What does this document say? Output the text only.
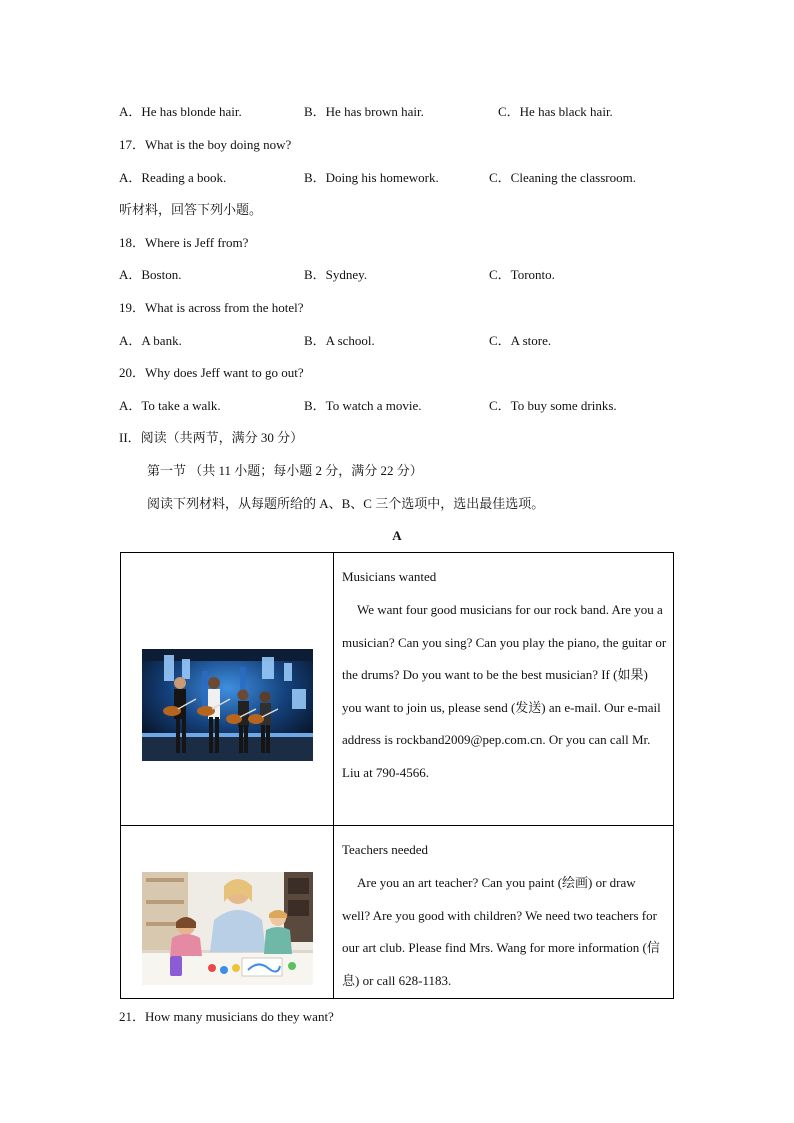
A．He has blonde hair.	B．He has brown hair.	C．He has black hair.
17．What is the boy doing now?
A．Reading a book.	B．Doing his homework.	C．Cleaning the classroom.
听材料，回答下列小题。
18．Where is Jeff from?
A．Boston.	B．Sydney.	C．Toronto.
19．What is across from the hotel?
A．A bank.	B．A school.	C．A store.
20．Why does Jeff want to go out?
A．To take a walk.	B．To watch a movie.	C．To buy some drinks.
II．阅读（共两节，满分 30 分）
第一节 （共 11 小题；每小题 2 分，满分 22 分）
阅读下列材料，从每题所给的 A、B、C 三个选项中，选出最佳选项。
A

Musicians wanted
We want four good musicians for our rock band. Are you a musician? Can you sing? Can you play the piano, the guitar or the drums? Do you want to be the best musician? If (如果) you want to join us, please send (发送) an e-mail. Our e-mail address is rockband2009@pep.com.cn. Or you can call Mr. Liu at 790-4566.

Teachers needed
Are you an art teacher? Can you paint (绘画) or draw well? Are you good with children? We need two teachers for our art club. Please find Mrs. Wang for more information (信息) or call 628-1183.
21．How many musicians do they want?
